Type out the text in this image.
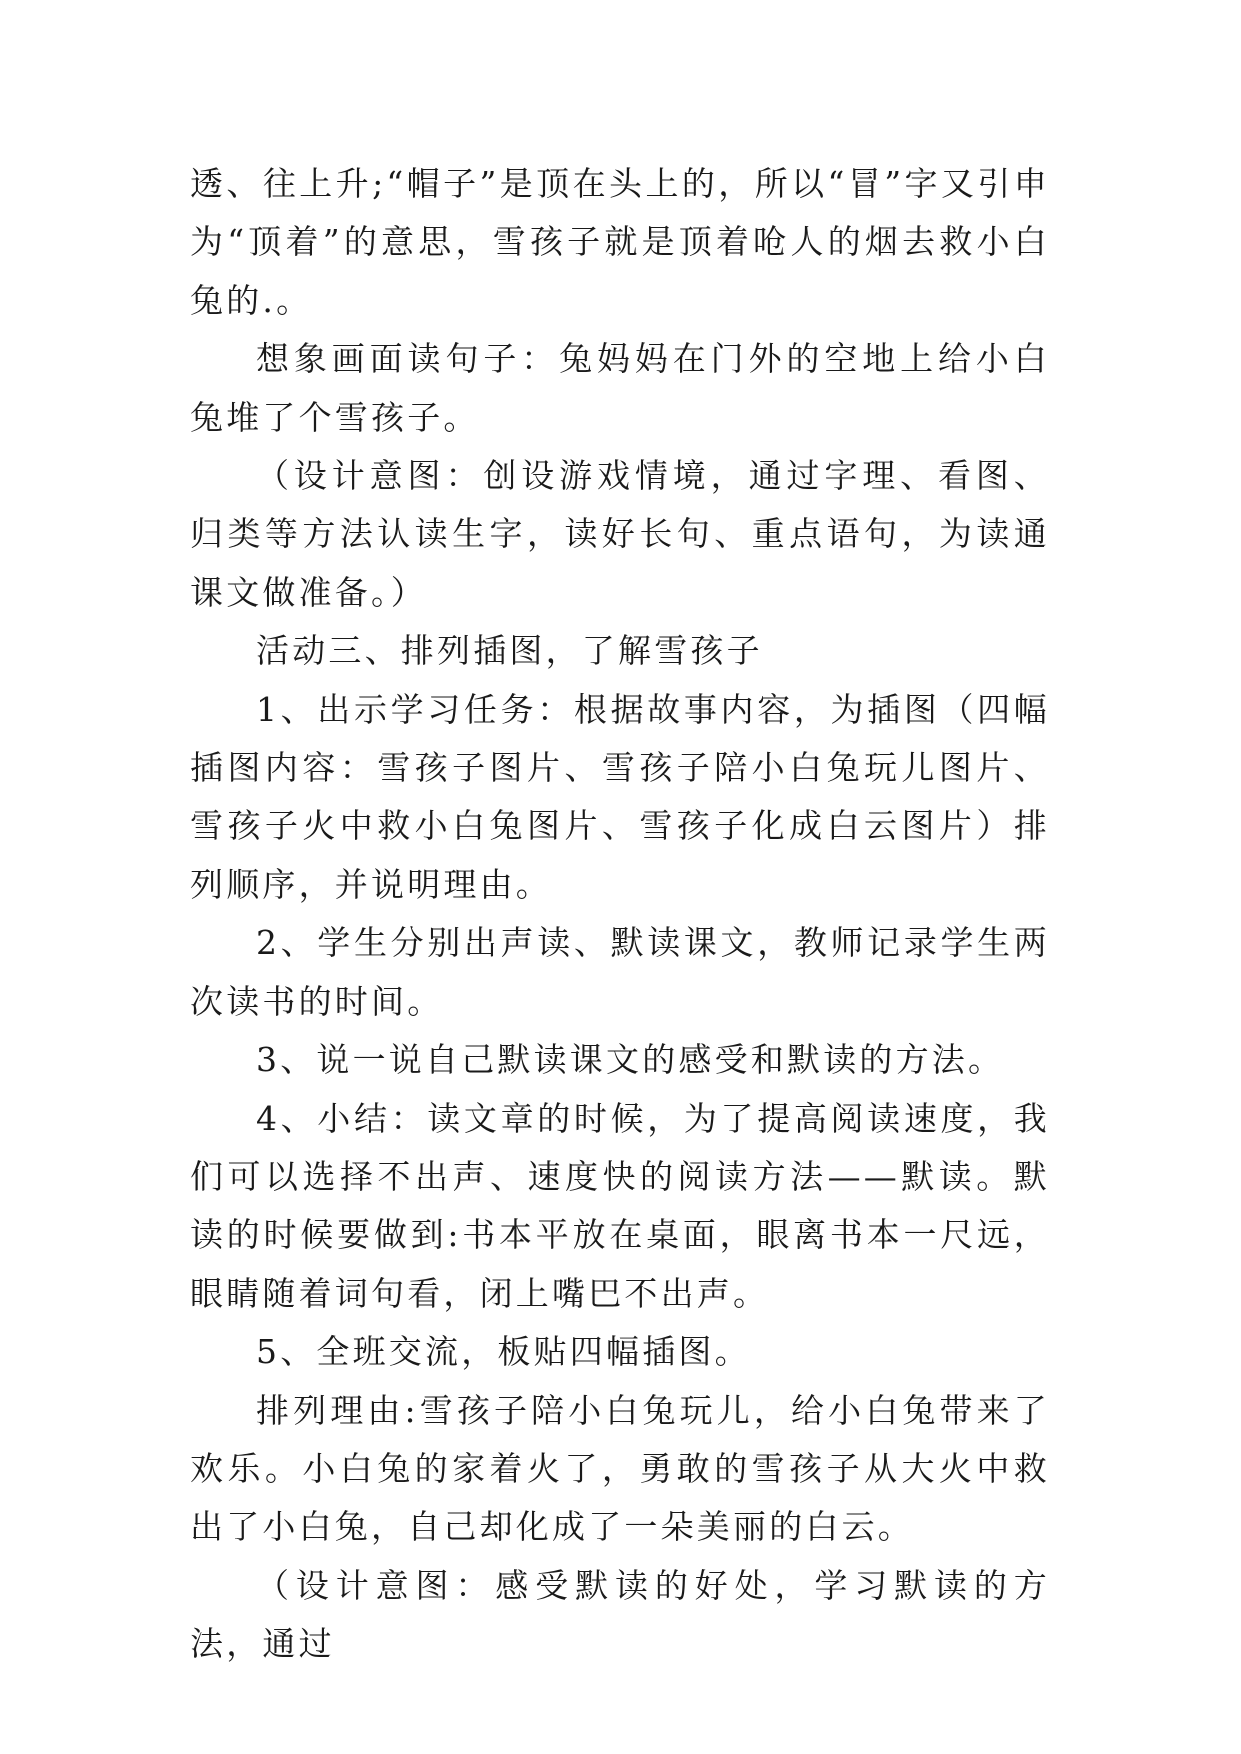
透、往上升;“帽子”是顶在头上的，所以“冒”字又引申为“顶着”的意思，雪孩子就是顶着呛人的烟去救小白兔的.。

想象画面读句子：兔妈妈在门外的空地上给小白兔堆了个雪孩子。

（设计意图：创设游戏情境，通过字理、看图、归类等方法认读生字，读好长句、重点语句，为读通课文做准备。）

活动三、排列插图，了解雪孩子

1、出示学习任务：根据故事内容，为插图（四幅插图内容：雪孩子图片、雪孩子陪小白兔玩儿图片、雪孩子火中救小白兔图片、雪孩子化成白云图片）排列顺序，并说明理由。

2、学生分别出声读、默读课文，教师记录学生两次读书的时间。

3、说一说自己默读课文的感受和默读的方法。

4、小结：读文章的时候，为了提高阅读速度，我们可以选择不出声、速度快的阅读方法——默读。默读的时候要做到:书本平放在桌面，眼离书本一尺远，眼睛随着词句看，闭上嘴巴不出声。

5、全班交流，板贴四幅插图。

排列理由:雪孩子陪小白兔玩儿，给小白兔带来了欢乐。小白兔的家着火了，勇敢的雪孩子从大火中救出了小白兔，自己却化成了一朵美丽的白云。

（设计意图：感受默读的好处，学习默读的方法，通过
